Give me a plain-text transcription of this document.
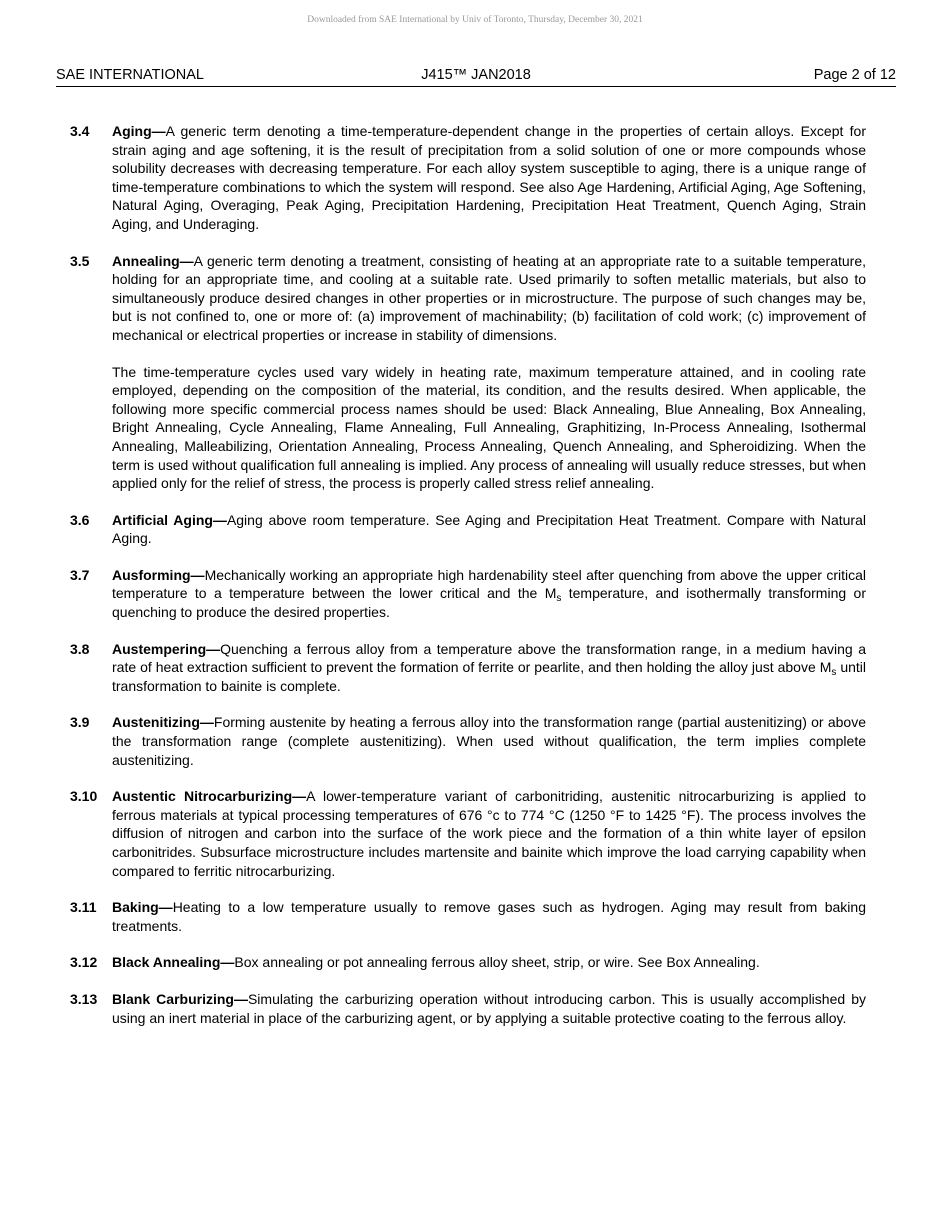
Downloaded from SAE International by Univ of Toronto, Thursday, December 30, 2021
SAE INTERNATIONAL	J415™ JAN2018	Page 2 of 12
3.4	Aging—A generic term denoting a time-temperature-dependent change in the properties of certain alloys. Except for strain aging and age softening, it is the result of precipitation from a solid solution of one or more compounds whose solubility decreases with decreasing temperature. For each alloy system susceptible to aging, there is a unique range of time-temperature combinations to which the system will respond. See also Age Hardening, Artificial Aging, Age Softening, Natural Aging, Overaging, Peak Aging, Precipitation Hardening, Precipitation Heat Treatment, Quench Aging, Strain Aging, and Underaging.

3.5	Annealing—A generic term denoting a treatment, consisting of heating at an appropriate rate to a suitable temperature, holding for an appropriate time, and cooling at a suitable rate. Used primarily to soften metallic materials, but also to simultaneously produce desired changes in other properties or in microstructure. The purpose of such changes may be, but is not confined to, one or more of: (a) improvement of machinability; (b) facilitation of cold work; (c) improvement of mechanical or electrical properties or increase in stability of dimensions.

The time-temperature cycles used vary widely in heating rate, maximum temperature attained, and in cooling rate employed, depending on the composition of the material, its condition, and the results desired. When applicable, the following more specific commercial process names should be used: Black Annealing, Blue Annealing, Box Annealing, Bright Annealing, Cycle Annealing, Flame Annealing, Full Annealing, Graphitizing, In-Process Annealing, Isothermal Annealing, Malleabilizing, Orientation Annealing, Process Annealing, Quench Annealing, and Spheroidizing. When the term is used without qualification full annealing is implied. Any process of annealing will usually reduce stresses, but when applied only for the relief of stress, the process is properly called stress relief annealing.

3.6	Artificial Aging—Aging above room temperature. See Aging and Precipitation Heat Treatment. Compare with Natural Aging.

3.7	Ausforming—Mechanically working an appropriate high hardenability steel after quenching from above the upper critical temperature to a temperature between the lower critical and the $M_s$ temperature, and isothermally transforming or quenching to produce the desired properties.

3.8	Austempering—Quenching a ferrous alloy from a temperature above the transformation range, in a medium having a rate of heat extraction sufficient to prevent the formation of ferrite or pearlite, and then holding the alloy just above $M_s$ until transformation to bainite is complete.

3.9	Austenitizing—Forming austenite by heating a ferrous alloy into the transformation range (partial austenitizing) or above the transformation range (complete austenitizing). When used without qualification, the term implies complete austenitizing.

3.10	Austentic Nitrocarburizing—A lower-temperature variant of carbonitriding, austenitic nitrocarburizing is applied to ferrous materials at typical processing temperatures of 676 °c to 774 °C (1250 °F to 1425 °F). The process involves the diffusion of nitrogen and carbon into the surface of the work piece and the formation of a thin white layer of epsilon carbonitrides. Subsurface microstructure includes martensite and bainite which improve the load carrying capability when compared to ferritic nitrocarburizing.

3.11	Baking—Heating to a low temperature usually to remove gases such as hydrogen. Aging may result from baking treatments.

3.12	Black Annealing—Box annealing or pot annealing ferrous alloy sheet, strip, or wire. See Box Annealing.

3.13	Blank Carburizing—Simulating the carburizing operation without introducing carbon. This is usually accomplished by using an inert material in place of the carburizing agent, or by applying a suitable protective coating to the ferrous alloy.
